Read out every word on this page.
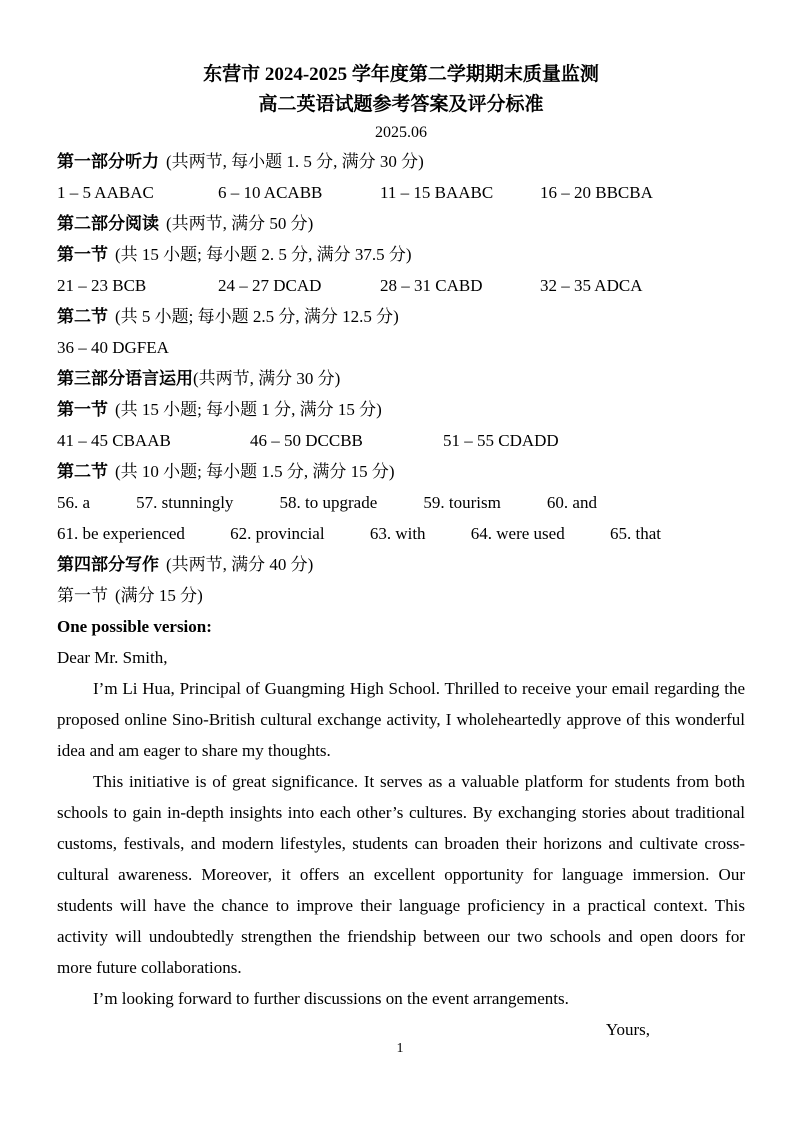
东营市 2024-2025 学年度第二学期期末质量监测
高二英语试题参考答案及评分标准
2025.06

第一部分听力 (共两节, 每小题 1. 5 分, 满分 30 分)

1 – 5 AABAC	6 – 10 ACABB	11 – 15 BAABC	16 – 20 BBCBA

第二部分阅读 (共两节, 满分 50 分)

第一节 (共 15 小题; 每小题 2. 5 分, 满分 37.5 分)

21 – 23 BCB	24 – 27 DCAD	28 – 31 CABD	32 – 35 ADCA

第二节 (共 5 小题; 每小题 2.5 分, 满分 12.5 分)

36 – 40 DGFEA

第三部分语言运用(共两节, 满分 30 分)

第一节 (共 15 小题; 每小题 1 分, 满分 15 分)

41 – 45 CBAAB	46 – 50 DCCBB	51 – 55 CDADD

第二节 (共 10 小题; 每小题 1.5 分, 满分 15 分)

56. a	57. stunningly	58. to upgrade	59. tourism	60. and
61. be experienced	62. provincial	63. with	64. were used	65. that

第四部分写作 (共两节, 满分 40 分)

第一节 (满分 15 分)

One possible version:

Dear Mr. Smith,

I’m Li Hua, Principal of Guangming High School. Thrilled to receive your email regarding the proposed online Sino-British cultural exchange activity, I wholeheartedly approve of this wonderful idea and am eager to share my thoughts.

This initiative is of great significance. It serves as a valuable platform for students from both schools to gain in-depth insights into each other’s cultures. By exchanging stories about traditional customs, festivals, and modern lifestyles, students can broaden their horizons and cultivate cross-cultural awareness. Moreover, it offers an excellent opportunity for language immersion. Our students will have the chance to improve their language proficiency in a practical context. This activity will undoubtedly strengthen the friendship between our two schools and open doors for more future collaborations.

I’m looking forward to further discussions on the event arrangements.

Yours,

1
